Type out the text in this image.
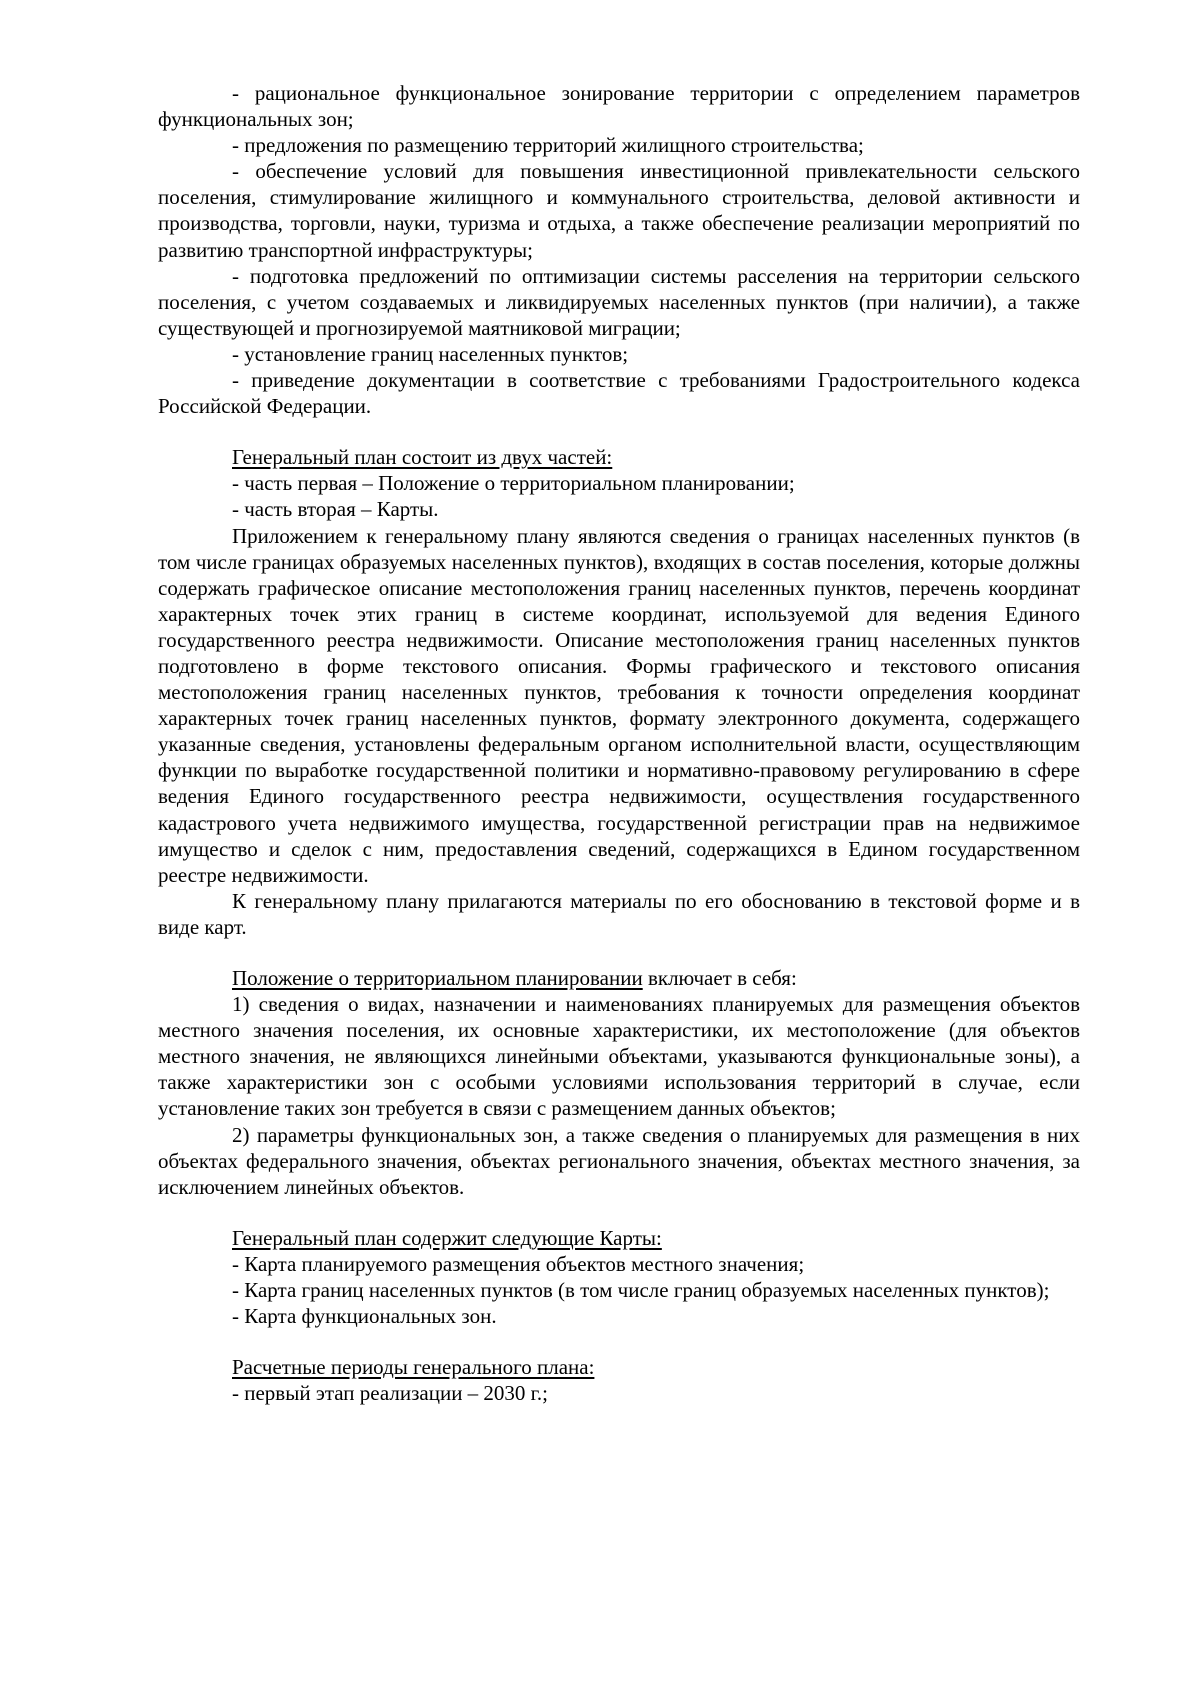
- рациональное функциональное зонирование территории с определением параметров функциональных зон;

- предложения по размещению территорий жилищного строительства;

- обеспечение условий для повышения инвестиционной привлекательности сельского поселения, стимулирование жилищного и коммунального строительства, деловой активности и производства, торговли, науки, туризма и отдыха, а также обеспечение реализации мероприятий по развитию транспортной инфраструктуры;

- подготовка предложений по оптимизации системы расселения на территории сельского поселения, с учетом создаваемых и ликвидируемых населенных пунктов (при наличии), а также существующей и прогнозируемой маятниковой миграции;

- установление границ населенных пунктов;

- приведение документации в соответствие с требованиями Градостроительного кодекса Российской Федерации.

Генеральный план состоит из двух частей:

- часть первая – Положение о территориальном планировании;

- часть вторая – Карты.

Приложением к генеральному плану являются сведения о границах населенных пунктов (в том числе границах образуемых населенных пунктов), входящих в состав поселения, которые должны содержать графическое описание местоположения границ населенных пунктов, перечень координат характерных точек этих границ в системе координат, используемой для ведения Единого государственного реестра недвижимости. Описание местоположения границ населенных пунктов подготовлено в форме текстового описания. Формы графического и текстового описания местоположения границ населенных пунктов, требования к точности определения координат характерных точек границ населенных пунктов, формату электронного документа, содержащего указанные сведения, установлены федеральным органом исполнительной власти, осуществляющим функции по выработке государственной политики и нормативно-правовому регулированию в сфере ведения Единого государственного реестра недвижимости, осуществления государственного кадастрового учета недвижимого имущества, государственной регистрации прав на недвижимое имущество и сделок с ним, предоставления сведений, содержащихся в Едином государственном реестре недвижимости.

К генеральному плану прилагаются материалы по его обоснованию в текстовой форме и в виде карт.

Положение о территориальном планировании включает в себя:

1) сведения о видах, назначении и наименованиях планируемых для размещения объектов местного значения поселения, их основные характеристики, их местоположение (для объектов местного значения, не являющихся линейными объектами, указываются функциональные зоны), а также характеристики зон с особыми условиями использования территорий в случае, если установление таких зон требуется в связи с размещением данных объектов;

2) параметры функциональных зон, а также сведения о планируемых для размещения в них объектах федерального значения, объектах регионального значения, объектах местного значения, за исключением линейных объектов.

Генеральный план содержит следующие Карты:

- Карта планируемого размещения объектов местного значения;

- Карта границ населенных пунктов (в том числе границ образуемых населенных пунктов);

- Карта функциональных зон.

Расчетные периоды генерального плана:

- первый этап реализации – 2030 г.;
